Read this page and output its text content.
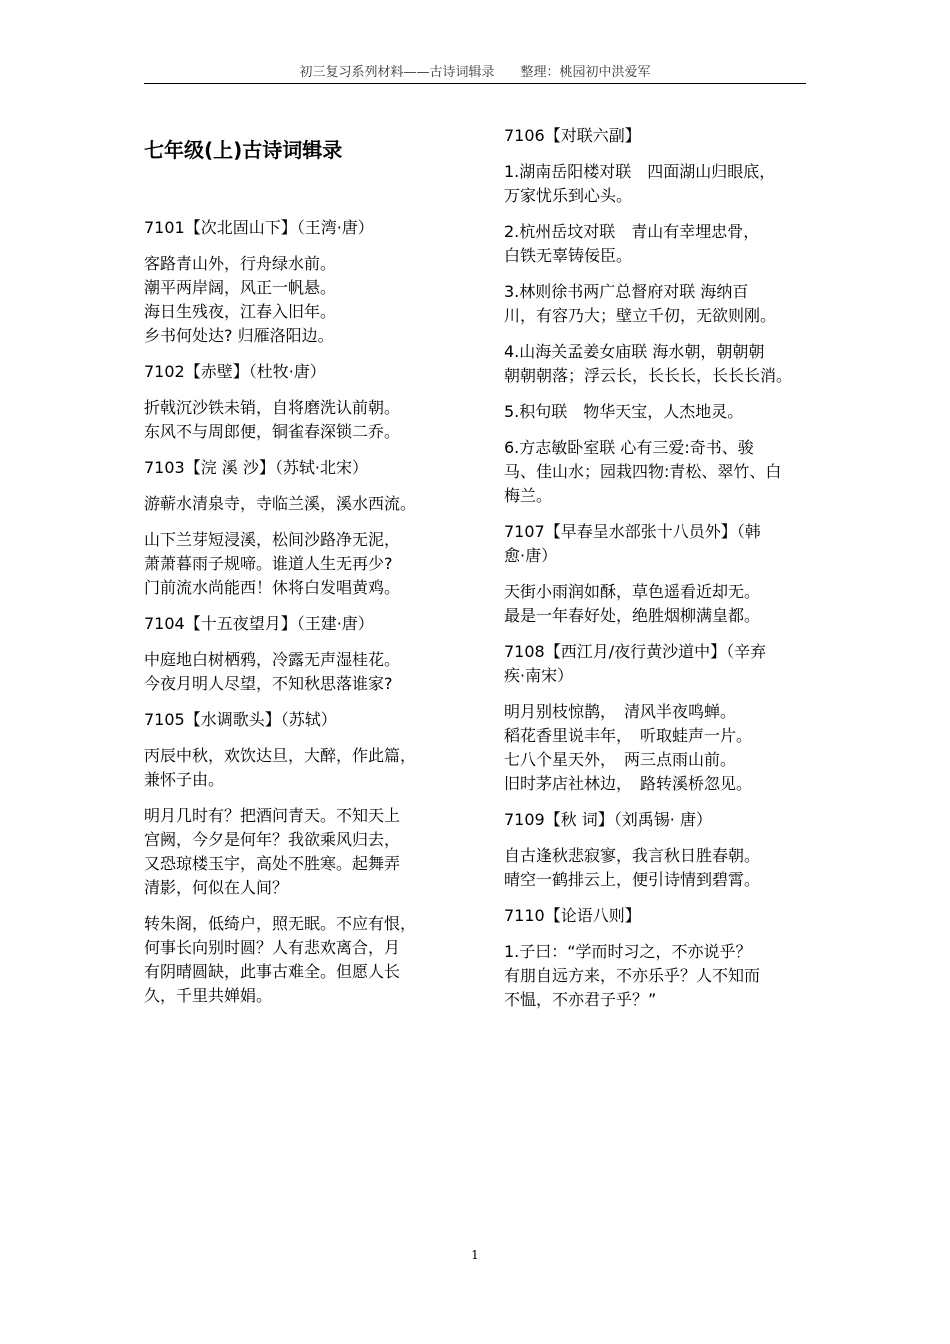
初三复习系列材料——古诗词辑录　　整理：桃园初中洪爱军
七年级(上)古诗词辑录
7101【次北固山下】（王湾·唐）
客路青山外，行舟绿水前。
潮平两岸阔，风正一帆悬。
海日生残夜，江春入旧年。
乡书何处达? 归雁洛阳边。
7102【赤壁】（杜牧·唐）
折戟沉沙铁未销，自将磨洗认前朝。
东风不与周郎便，铜雀春深锁二乔。
7103【浣 溪 沙】（苏轼·北宋）
游蕲水清泉寺，寺临兰溪，溪水西流。
山下兰芽短浸溪，松间沙路净无泥，
萧萧暮雨子规啼。谁道人生无再少?
门前流水尚能西！休将白发唱黄鸡。
7104【十五夜望月】（王建·唐）
中庭地白树栖鸦，冷露无声湿桂花。
今夜月明人尽望，不知秋思落谁家?
7105【水调歌头】（苏轼）
丙辰中秋，欢饮达旦，大醉，作此篇，
兼怀子由。
明月几时有？把酒问青天。不知天上
宫阙，今夕是何年？我欲乘风归去，
又恐琼楼玉宇，高处不胜寒。起舞弄
清影，何似在人间？
转朱阁，低绮户，照无眠。不应有恨，
何事长向别时圆？人有悲欢离合，月
有阴晴圆缺，此事古难全。但愿人长
久，千里共婵娟。
7106【对联六副】
1.湖南岳阳楼对联　四面湖山归眼底，
万家忧乐到心头。
2.杭州岳坟对联　青山有幸埋忠骨，
白铁无辜铸佞臣。
3.林则徐书两广总督府对联 海纳百
川，有容乃大；壁立千仞，无欲则刚。
4.山海关孟姜女庙联 海水朝，朝朝朝
朝朝朝落；浮云长，长长长，长长长消。
5.积句联　物华天宝，人杰地灵。
6.方志敏卧室联 心有三爱:奇书、骏
马、佳山水；园栽四物:青松、翠竹、白
梅兰。
7107【早春呈水部张十八员外】（韩
愈·唐）
天街小雨润如酥，草色遥看近却无。
最是一年春好处，绝胜烟柳满皇都。
7108【西江月/夜行黄沙道中】（辛弃
疾·南宋）
明月别枝惊鹊，　清风半夜鸣蝉。
稻花香里说丰年，　听取蛙声一片。
七八个星天外，　两三点雨山前。
旧时茅店社林边，　路转溪桥忽见。
7109【秋 词】（刘禹锡· 唐）
自古逢秋悲寂寥，我言秋日胜春朝。
晴空一鹤排云上，便引诗情到碧霄。
7110【论语八则】
1.子曰：“学而时习之，不亦说乎？
有朋自远方来，不亦乐乎？人不知而
不愠，不亦君子乎？”
1
